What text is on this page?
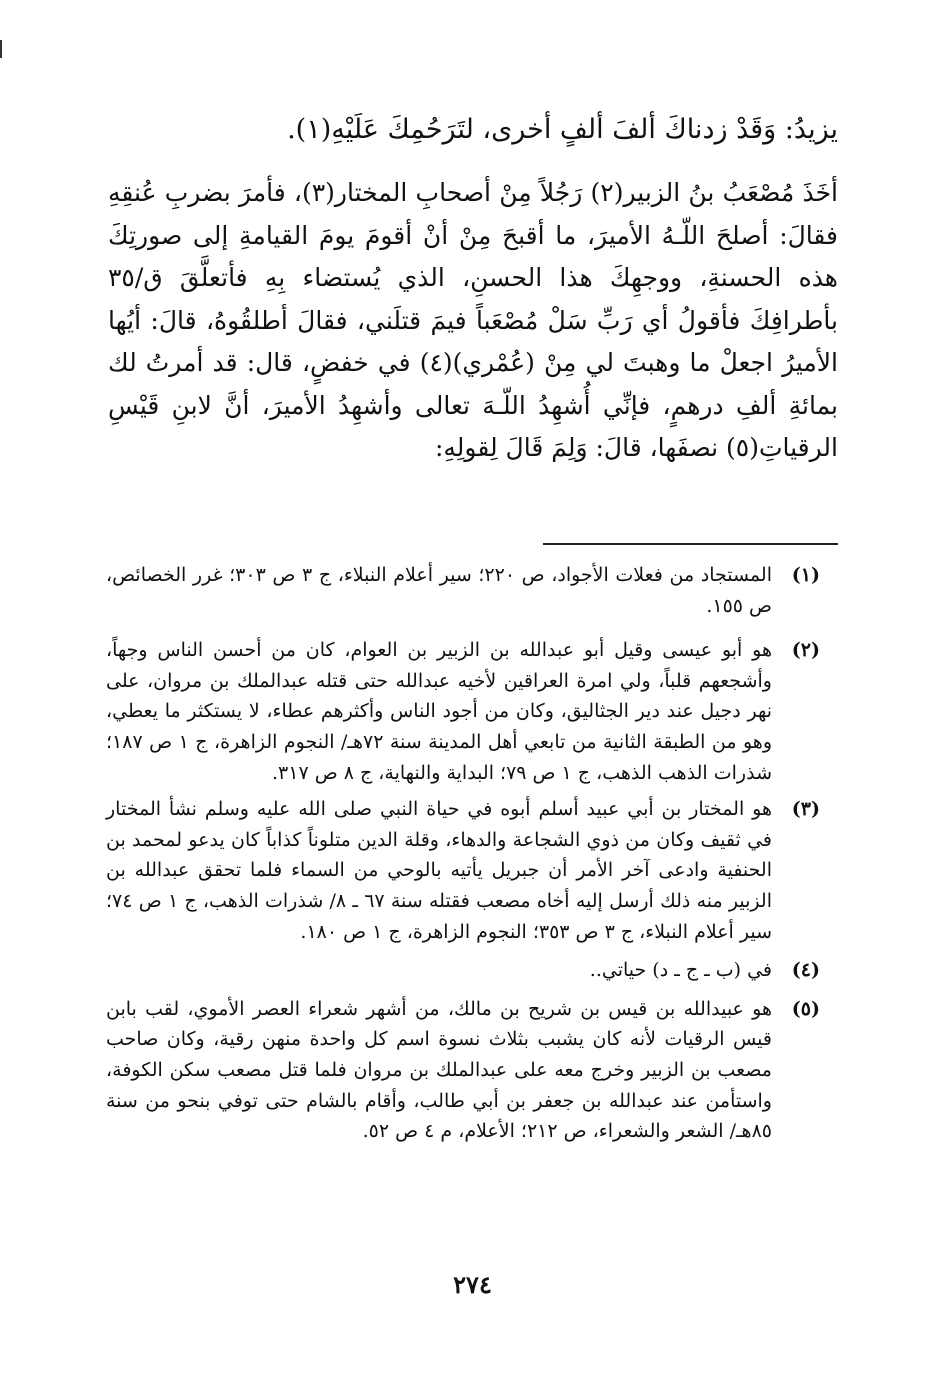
يزيدُ: وَقَدْ زدناكَ ألفَ ألفٍ أخرى، لتَرَحُمِكَ عَلَيْهِ(١).

أخَذَ مُصْعَبُ بنُ الزبير(٢) رَجُلاً مِنْ أصحابِ المختار(٣)، فأمرَ بضربِ عُنقِهِ فقالَ: أصلحَ اللّـهُ الأميرَ، ما أقبحَ مِنْ أنْ أقومَ يومَ القيامةِ إلى صورتِكَ هذه الحسنةِ، ووجهِكَ هذا الحسنِ، الذي يُستضاء بِهِ فأتعلَّقَ ق/٣٥ بأطرافِكَ فأقولُ أي رَبِّ سَلْ مُصْعَباً فيمَ قتلَني، فقالَ أطلقُوهُ، قالَ: أيُها الأميرُ اجعلْ ما وهبتَ لي مِنْ (عُمْري)(٤) في خفضٍ، قال: قد أمرتُ لك بمائةِ ألفِ درهمٍ، فإنِّي أُشهِدُ اللّـهَ تعالى وأشهِدُ الأميرَ، أنَّ لابنِ قَيْسِ الرقياتِ(٥) نصفَها، قالَ: وَلِمَ قَالَ لِقولِهِ:

(١)
المستجاد من فعلات الأجواد، ص ٢٢٠؛ سير أعلام النبلاء، ج ٣ ص ٣٠٣؛ غرر الخصائص، ص ١٥٥.
(٢)
هو أبو عيسى وقيل أبو عبدالله بن الزبير بن العوام، كان من أحسن الناس وجهاً، وأشجعهم قلباً، ولي امرة العراقين لأخيه عبدالله حتى قتله عبدالملك بن مروان، على نهر دجيل عند دير الجثاليق، وكان من أجود الناس وأكثرهم عطاء، لا يستكثر ما يعطي، وهو من الطبقة الثانية من تابعي أهل المدينة سنة ٧٢هـ/ النجوم الزاهرة، ج ١ ص ١٨٧؛ شذرات الذهب الذهب، ج ١ ص ٧٩؛ البداية والنهاية، ج ٨ ص ٣١٧.
(٣)
هو المختار بن أبي عبيد أسلم أبوه في حياة النبي صلى الله عليه وسلم نشأ المختار في ثقيف وكان من ذوي الشجاعة والدهاء، وقلة الدين متلوناً كذاباً كان يدعو لمحمد بن الحنفية وادعى آخر الأمر أن جبريل يأتيه بالوحي من السماء فلما تحقق عبدالله بن الزبير منه ذلك أرسل إليه أخاه مصعب فقتله سنة ٦٧ ـ ٨/ شذرات الذهب، ج ١ ص ٧٤؛ سير أعلام النبلاء، ج ٣ ص ٣٥٣؛ النجوم الزاهرة، ج ١ ص ١٨٠.
(٤)
في (ب ـ ج ـ د) حياتي..
(٥)
هو عبيدالله بن قيس بن شريح بن مالك، من أشهر شعراء العصر الأموي، لقب بابن قيس الرقيات لأنه كان يشبب بثلاث نسوة اسم كل واحدة منهن رقية، وكان صاحب مصعب بن الزبير وخرج معه على عبدالملك بن مروان فلما قتل مصعب سكن الكوفة، واستأمن عند عبدالله بن جعفر بن أبي طالب، وأقام بالشام حتى توفي بنحو من سنة ٨٥هـ/ الشعر والشعراء، ص ٢١٢؛ الأعلام، م ٤ ص ٥٢.
٢٧٤
